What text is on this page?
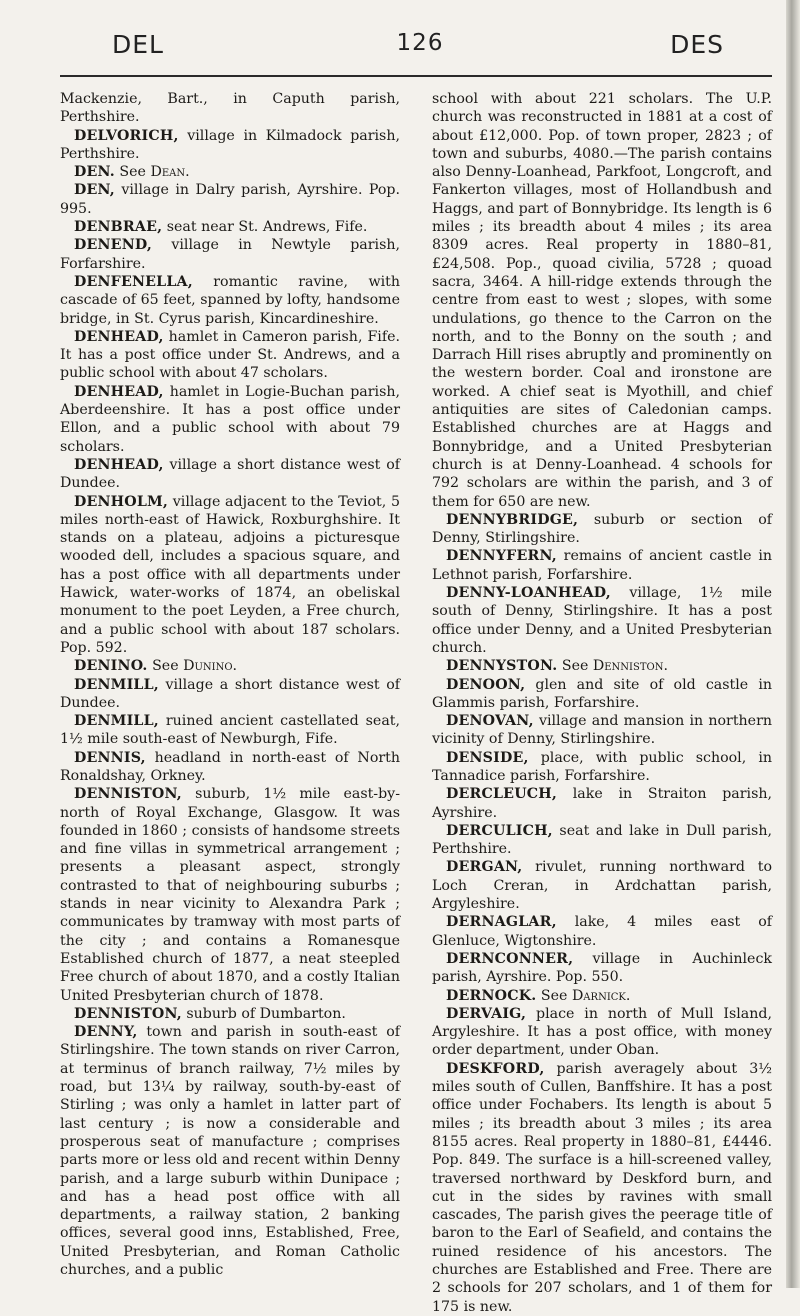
DEL	126	DES

Mackenzie, Bart., in Caputh parish, Perthshire.

DELVORICH, village in Kilmadock parish, Perthshire.

DEN. See Dean.

DEN, village in Dalry parish, Ayrshire. Pop. 995.

DENBRAE, seat near St. Andrews, Fife.

DENEND, village in Newtyle parish, Forfarshire.

DENFENELLA, romantic ravine, with cascade of 65 feet, spanned by lofty, handsome bridge, in St. Cyrus parish, Kincardineshire.

DENHEAD, hamlet in Cameron parish, Fife. It has a post office under St. Andrews, and a public school with about 47 scholars.

DENHEAD, hamlet in Logie-Buchan parish, Aberdeenshire. It has a post office under Ellon, and a public school with about 79 scholars.

DENHEAD, village a short distance west of Dundee.

DENHOLM, village adjacent to the Teviot, 5 miles north-east of Hawick, Roxburghshire. It stands on a plateau, adjoins a picturesque wooded dell, includes a spacious square, and has a post office with all departments under Hawick, water-works of 1874, an obeliskal monument to the poet Leyden, a Free church, and a public school with about 187 scholars. Pop. 592.

DENINO. See Dunino.

DENMILL, village a short distance west of Dundee.

DENMILL, ruined ancient castellated seat, 1½ mile south-east of Newburgh, Fife.

DENNIS, headland in north-east of North Ronaldshay, Orkney.

DENNISTON, suburb, 1½ mile east-by-north of Royal Exchange, Glasgow. It was founded in 1860 ; consists of handsome streets and fine villas in symmetrical arrangement ; presents a pleasant aspect, strongly contrasted to that of neighbouring suburbs ; stands in near vicinity to Alexandra Park ; communicates by tramway with most parts of the city ; and contains a Romanesque Established church of 1877, a neat steepled Free church of about 1870, and a costly Italian United Presbyterian church of 1878.

DENNISTON, suburb of Dumbarton.

DENNY, town and parish in south-east of Stirlingshire. The town stands on river Carron, at terminus of branch railway, 7½ miles by road, but 13¼ by railway, south-by-east of Stirling ; was only a hamlet in latter part of last century ; is now a considerable and prosperous seat of manufacture ; comprises parts more or less old and recent within Denny parish, and a large suburb within Dunipace ; and has a head post office with all departments, a railway station, 2 banking offices, several good inns, Established, Free, United Presbyterian, and Roman Catholic churches, and a public

school with about 221 scholars. The U.P. church was reconstructed in 1881 at a cost of about £12,000. Pop. of town proper, 2823 ; of town and suburbs, 4080.—The parish contains also Denny-Loanhead, Parkfoot, Longcroft, and Fankerton villages, most of Hollandbush and Haggs, and part of Bonnybridge. Its length is 6 miles ; its breadth about 4 miles ; its area 8309 acres. Real property in 1880–81, £24,508. Pop., quoad civilia, 5728 ; quoad sacra, 3464. A hill-ridge extends through the centre from east to west ; slopes, with some undulations, go thence to the Carron on the north, and to the Bonny on the south ; and Darrach Hill rises abruptly and prominently on the western border. Coal and ironstone are worked. A chief seat is Myothill, and chief antiquities are sites of Caledonian camps. Established churches are at Haggs and Bonnybridge, and a United Presbyterian church is at Denny-Loanhead. 4 schools for 792 scholars are within the parish, and 3 of them for 650 are new.

DENNYBRIDGE, suburb or section of Denny, Stirlingshire.

DENNYFERN, remains of ancient castle in Lethnot parish, Forfarshire.

DENNY-LOANHEAD, village, 1½ mile south of Denny, Stirlingshire. It has a post office under Denny, and a United Presbyterian church.

DENNYSTON. See Denniston.

DENOON, glen and site of old castle in Glammis parish, Forfarshire.

DENOVAN, village and mansion in northern vicinity of Denny, Stirlingshire.

DENSIDE, place, with public school, in Tannadice parish, Forfarshire.

DERCLEUCH, lake in Straiton parish, Ayrshire.

DERCULICH, seat and lake in Dull parish, Perthshire.

DERGAN, rivulet, running northward to Loch Creran, in Ardchattan parish, Argyleshire.

DERNAGLAR, lake, 4 miles east of Glenluce, Wigtonshire.

DERNCONNER, village in Auchinleck parish, Ayrshire. Pop. 550.

DERNOCK. See Darnick.

DERVAIG, place in north of Mull Island, Argyleshire. It has a post office, with money order department, under Oban.

DESKFORD, parish averagely about 3½ miles south of Cullen, Banffshire. It has a post office under Fochabers. Its length is about 5 miles ; its breadth about 3 miles ; its area 8155 acres. Real property in 1880–81, £4446. Pop. 849. The surface is a hill-screened valley, traversed northward by Deskford burn, and cut in the sides by ravines with small cascades, The parish gives the peerage title of baron to the Earl of Seafield, and contains the ruined residence of his ancestors. The churches are Established and Free. There are 2 schools for 207 scholars, and 1 of them for 175 is new.
